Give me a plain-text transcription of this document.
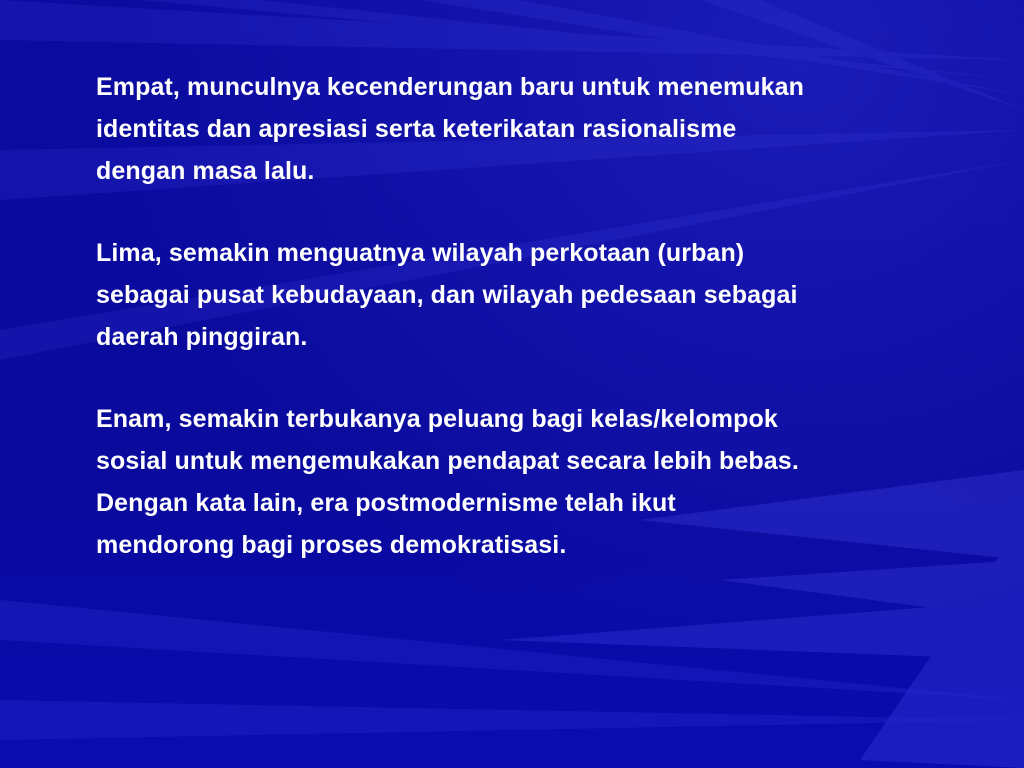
Empat, munculnya kecenderungan baru untuk menemukan
identitas dan apresiasi serta keterikatan rasionalisme
dengan masa lalu.

Lima, semakin menguatnya wilayah perkotaan (urban)
sebagai pusat kebudayaan, dan wilayah pedesaan sebagai
daerah pinggiran.

Enam, semakin terbukanya peluang bagi kelas/kelompok
sosial untuk mengemukakan pendapat secara lebih bebas.
Dengan kata lain, era postmodernisme telah ikut
mendorong bagi proses demokratisasi.
